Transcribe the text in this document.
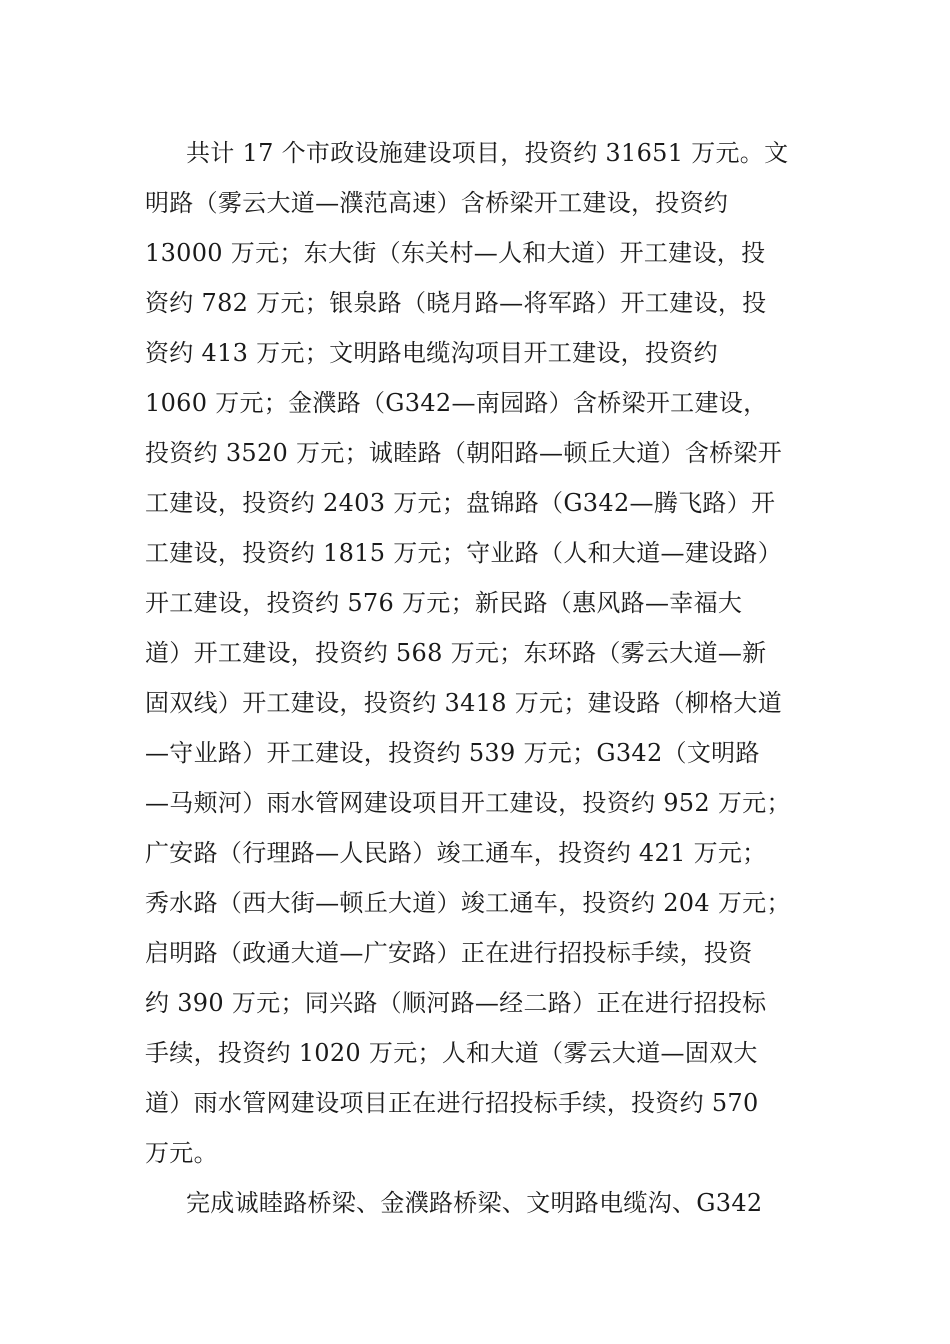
共计 17 个市政设施建设项目，投资约 31651 万元。文
明路（雾云大道—濮范高速）含桥梁开工建设，投资约
13000 万元；东大街（东关村—人和大道）开工建设，投
资约 782 万元；银泉路（晓月路—将军路）开工建设，投
资约 413 万元；文明路电缆沟项目开工建设，投资约
1060 万元；金濮路（G342—南园路）含桥梁开工建设，
投资约 3520 万元；诚睦路（朝阳路—顿丘大道）含桥梁开
工建设，投资约 2403 万元；盘锦路（G342—腾飞路）开
工建设，投资约 1815 万元；守业路（人和大道—建设路）
开工建设，投资约 576 万元；新民路（惠风路—幸福大
道）开工建设，投资约 568 万元；东环路（雾云大道—新
固双线）开工建设，投资约 3418 万元；建设路（柳格大道
—守业路）开工建设，投资约 539 万元；G342（文明路
—马颊河）雨水管网建设项目开工建设，投资约 952 万元；
广安路（行理路—人民路）竣工通车，投资约 421 万元；
秀水路（西大街—顿丘大道）竣工通车，投资约 204 万元；
启明路（政通大道—广安路）正在进行招投标手续，投资
约 390 万元；同兴路（顺河路—经二路）正在进行招投标
手续，投资约 1020 万元；人和大道（雾云大道—固双大
道）雨水管网建设项目正在进行招投标手续，投资约 570
万元。
完成诚睦路桥梁、金濮路桥梁、文明路电缆沟、G342
